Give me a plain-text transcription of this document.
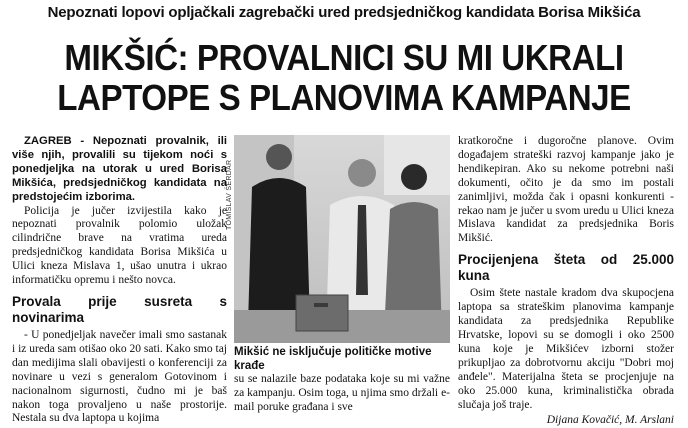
Nepoznati lopovi opljačkali zagrebački ured predsjedničkog kandidata Borisa Mikšića
MIKŠIĆ: PROVALNICI SU MI UKRALI
LAPTOPE S PLANOVIMA KAMPANJE

ZAGREB - Nepoznati provalnik, ili više njih, provalili su tijekom noći s ponedjeljka na utorak u ured Borisa Mikšića, predsjedničkog kandidata na predstojećim izborima.

Policija je jučer izvijestila kako je nepoznati provalnik polomio uložak cilindrične brave na vratima ureda predsjedničkog kandidata Borisa Mikšića u Ulici kneza Mislava 1, ušao unutra i ukrao informatičku opremu i nešto novca.

Provala prije susreta s novinarima

- U ponedjeljak navečer imali smo sastanak i iz ureda sam otišao oko 20 sati. Kako smo taj dan medijima slali obavijesti o konferenciji za novinare u vezi s generalom Gotovinom i nacionalnom sigurnosti, čudno mi je baš nakon toga provaljeno u naše prostorije. Nestala su dva laptopa u kojima

TOMISLAV ŠERDAR
Mikšić ne isključuje političke motive krađe

su se nalazile baze podataka koje su mi važne za kampanju. Osim toga, u njima smo držali e-mail poruke građana i sve

kratkoročne i dugoročne planove. Ovim događajem strateški razvoj kampanje jako je hendikepiran. Ako su nekome potrebni naši dokumenti, očito je da smo im postali zanimljivi, možda čak i opasni konkurenti - rekao nam je jučer u svom uredu u Ulici kneza Mislava kandidat za predsjednika Boris Mikšić.

Procijenjena šteta od 25.000 kuna

Osim štete nastale kradom dva skupocjena laptopa sa strateškim planovima kampanje kandidata za predsjednika Republike Hrvatske, lopovi su se domogli i oko 2500 kuna koje je Mikšićev izborni stožer prikupljao za dobrotvornu akciju "Dobri moj anđele". Materijalna šteta se procjenjuje na oko 25.000 kuna, kriminalistička obrada slučaja još traje.

Dijana Kovačić, M. Arslani
